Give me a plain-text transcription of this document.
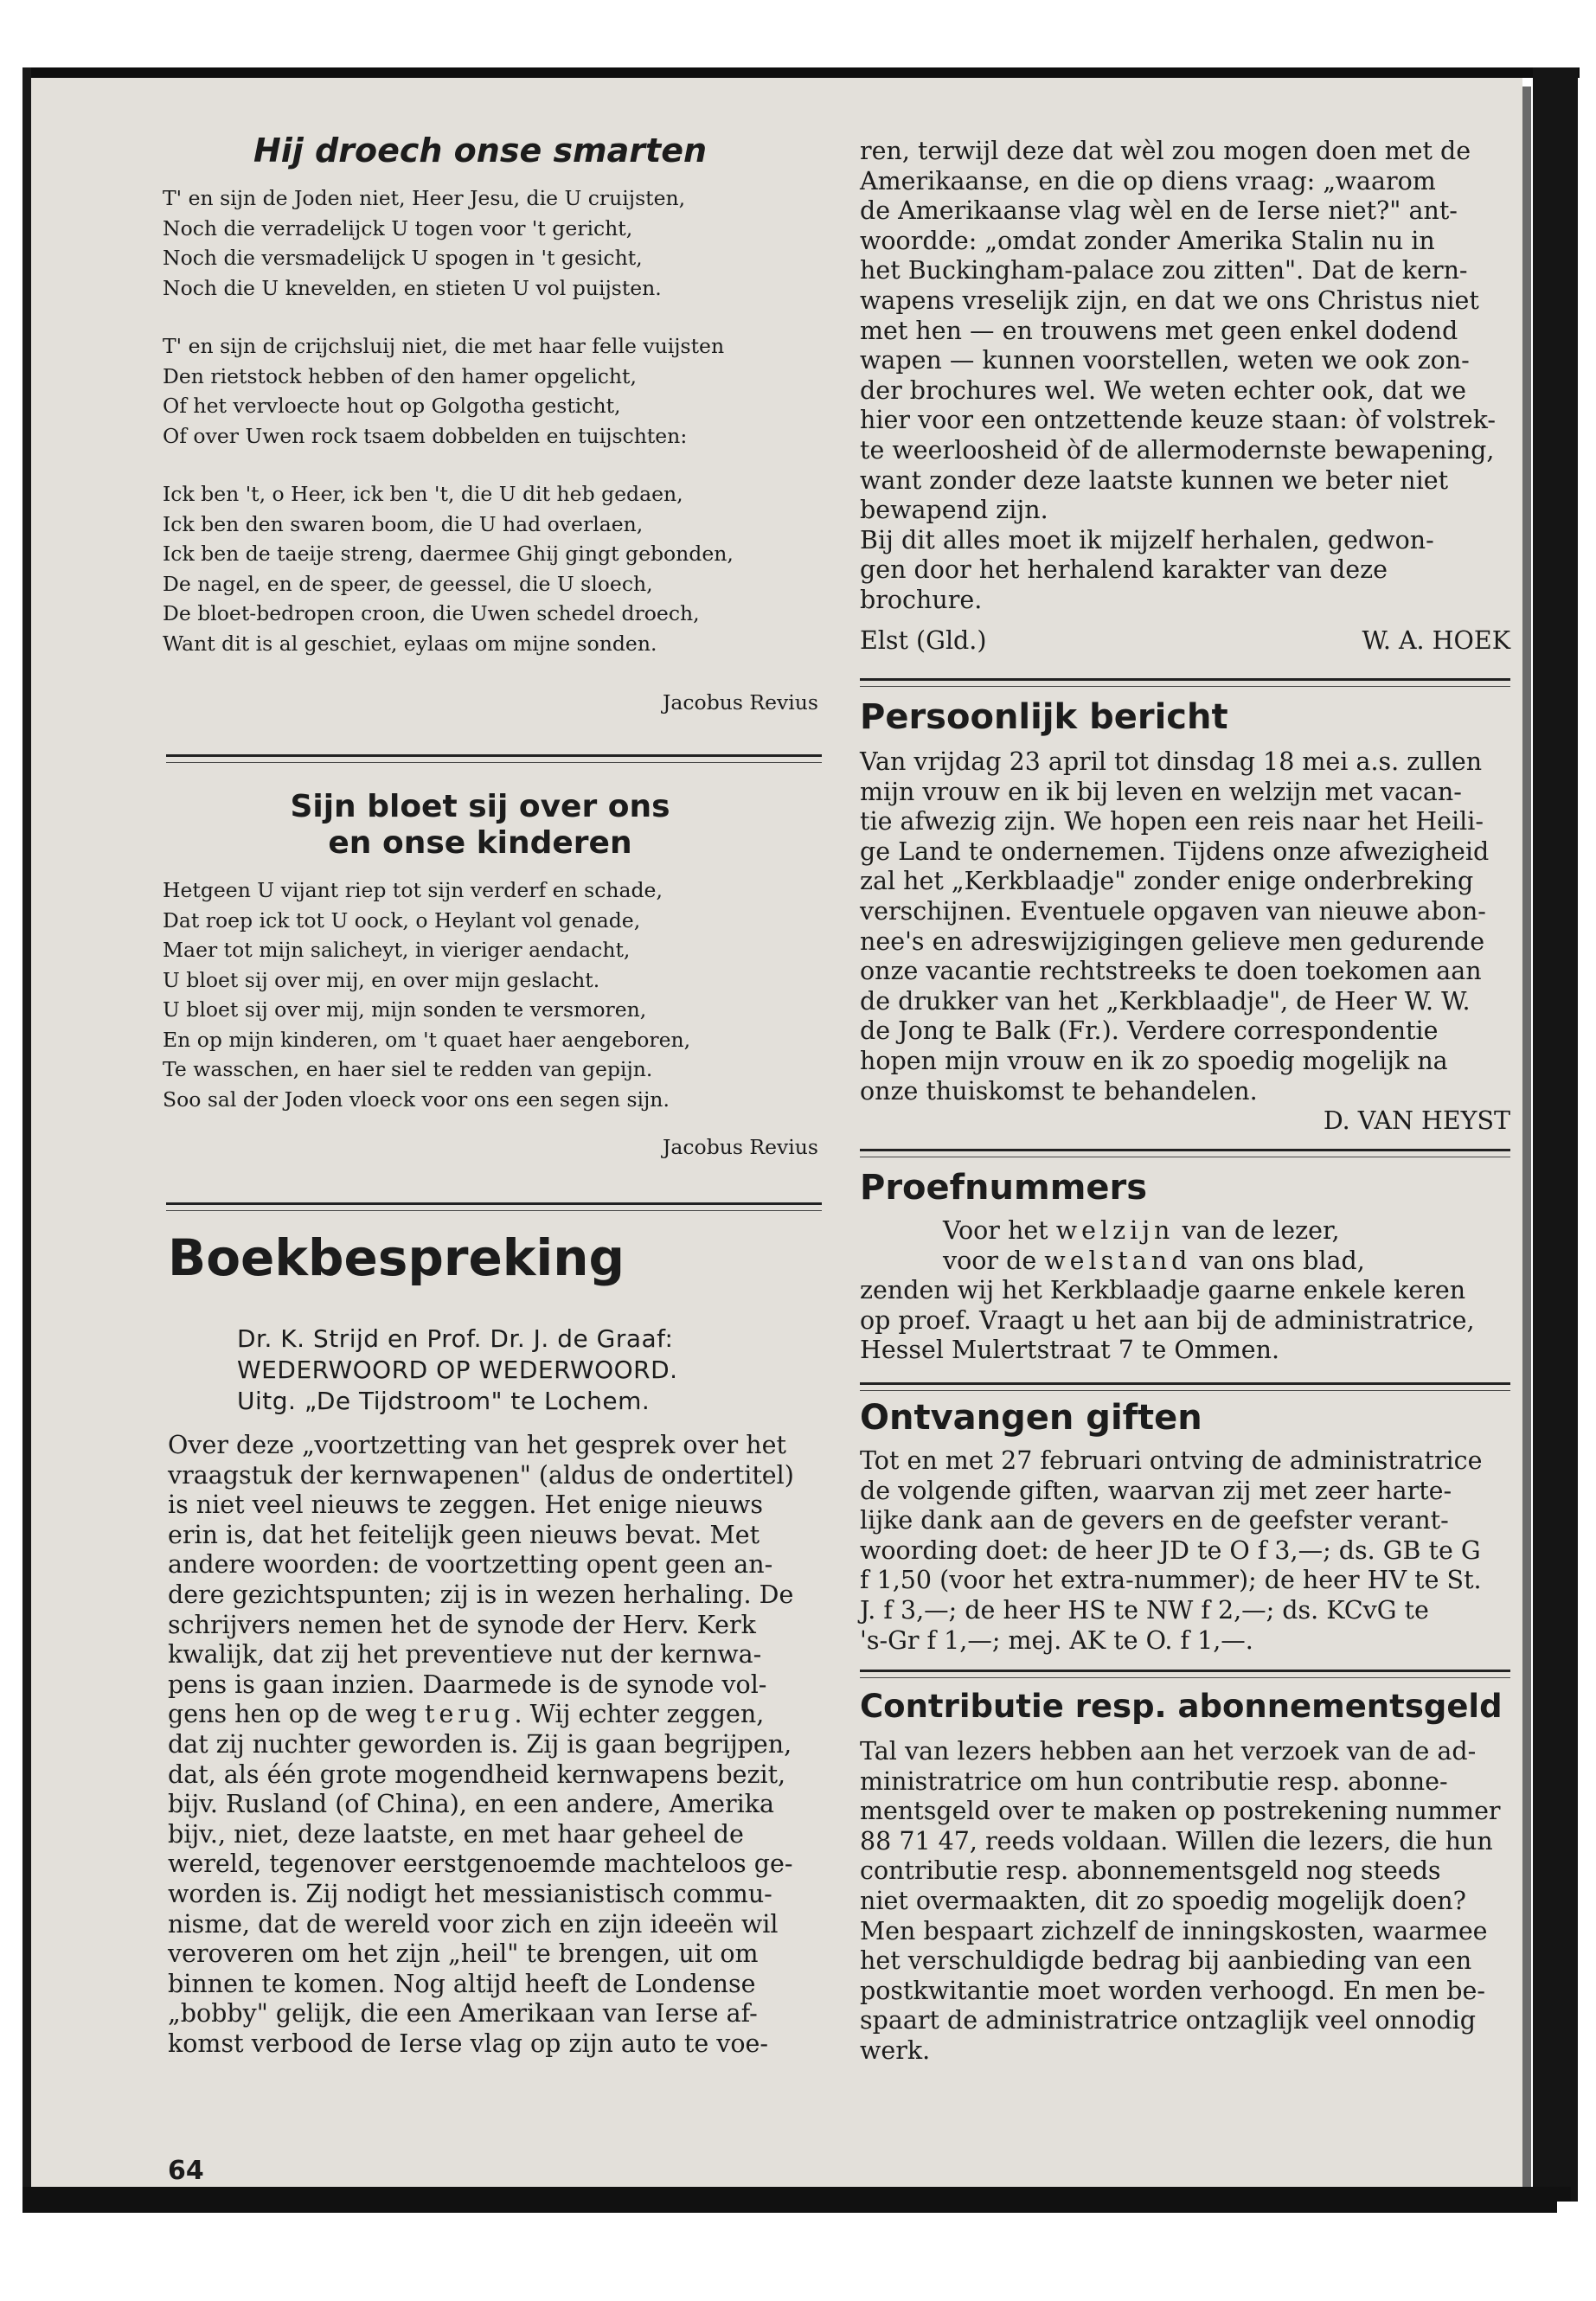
Hij droech onse smarten

T' en sijn de Joden niet, Heer Jesu, die U cruijsten,

Noch die verradelijck U togen voor 't gericht,

Noch die versmadelijck U spogen in 't gesicht,

Noch die U knevelden, en stieten U vol puijsten.

T' en sijn de crijchsluij niet, die met haar felle vuijsten

Den rietstock hebben of den hamer opgelicht,

Of het vervloecte hout op Golgotha gesticht,

Of over Uwen rock tsaem dobbelden en tuijschten:

Ick ben 't, o Heer, ick ben 't, die U dit heb gedaen,

Ick ben den swaren boom, die U had overlaen,

Ick ben de taeije streng, daermee Ghij gingt gebonden,

De nagel, en de speer, de geessel, die U sloech,

De bloet-bedropen croon, die Uwen schedel droech,

Want dit is al geschiet, eylaas om mijne sonden.

Jacobus Revius
Sijn bloet sij over ons
en onse kinderen

Hetgeen U vijant riep tot sijn verderf en schade,

Dat roep ick tot U oock, o Heylant vol genade,

Maer tot mijn salicheyt, in vieriger aendacht,

U bloet sij over mij, en over mijn geslacht.

U bloet sij over mij, mijn sonden te versmoren,

En op mijn kinderen, om 't quaet haer aengeboren,

Te wasschen, en haer siel te redden van gepijn.

Soo sal der Joden vloeck voor ons een segen sijn.

Jacobus Revius
Boekbespreking
Dr. K. Strijd en Prof. Dr. J. de Graaf:
WEDERWOORD OP WEDERWOORD.
Uitg. „De Tijdstroom" te Lochem.
Over deze „voortzetting van het gesprek over het
vraagstuk der kernwapenen" (aldus de ondertitel)
is niet veel nieuws te zeggen. Het enige nieuws
erin is, dat het feitelijk geen nieuws bevat. Met
andere woorden: de voortzetting opent geen an-
dere gezichtspunten; zij is in wezen herhaling. De
schrijvers nemen het de synode der Herv. Kerk
kwalijk, dat zij het preventieve nut der kernwa-
pens is gaan inzien. Daarmede is de synode vol-
gens hen op de weg terug. Wij echter zeggen,
dat zij nuchter geworden is. Zij is gaan begrijpen,
dat, als één grote mogendheid kernwapens bezit,
bijv. Rusland (of China), en een andere, Amerika
bijv., niet, deze laatste, en met haar geheel de
wereld, tegenover eerstgenoemde machteloos ge-
worden is. Zij nodigt het messianistisch commu-
nisme, dat de wereld voor zich en zijn ideeën wil
veroveren om het zijn „heil" te brengen, uit om
binnen te komen. Nog altijd heeft de Londense
„bobby" gelijk, die een Amerikaan van Ierse af-
komst verbood de Ierse vlag op zijn auto te voe-
64
ren, terwijl deze dat wèl zou mogen doen met de
Amerikaanse, en die op diens vraag: „waarom
de Amerikaanse vlag wèl en de Ierse niet?" ant-
woordde: „omdat zonder Amerika Stalin nu in
het Buckingham-palace zou zitten". Dat de kern-
wapens vreselijk zijn, en dat we ons Christus niet
met hen — en trouwens met geen enkel dodend
wapen — kunnen voorstellen, weten we ook zon-
der brochures wel. We weten echter ook, dat we
hier voor een ontzettende keuze staan: òf volstrek-
te weerloosheid òf de allermodernste bewapening,
want zonder deze laatste kunnen we beter niet
bewapend zijn.
Bij dit alles moet ik mijzelf herhalen, gedwon-
gen door het herhalend karakter van deze
brochure.
Elst (Gld.)	W. A. HOEK
Persoonlijk bericht
Van vrijdag 23 april tot dinsdag 18 mei a.s. zullen
mijn vrouw en ik bij leven en welzijn met vacan-
tie afwezig zijn. We hopen een reis naar het Heili-
ge Land te ondernemen. Tijdens onze afwezigheid
zal het „Kerkblaadje" zonder enige onderbreking
verschijnen. Eventuele opgaven van nieuwe abon-
nee's en adreswijzigingen gelieve men gedurende
onze vacantie rechtstreeks te doen toekomen aan
de drukker van het „Kerkblaadje", de Heer W. W.
de Jong te Balk (Fr.). Verdere correspondentie
hopen mijn vrouw en ik zo spoedig mogelijk na
onze thuiskomst te behandelen.
D. VAN HEYST
Proefnummers
Voor het welzijn van de lezer,
voor de welstand van ons blad,
zenden wij het Kerkblaadje gaarne enkele keren
op proef. Vraagt u het aan bij de administratrice,
Hessel Mulertstraat 7 te Ommen.
Ontvangen giften
Tot en met 27 februari ontving de administratrice
de volgende giften, waarvan zij met zeer harte-
lijke dank aan de gevers en de geefster verant-
woording doet: de heer JD te O f 3,—; ds. GB te G
f 1,50 (voor het extra-nummer); de heer HV te St.
J. f 3,—; de heer HS te NW f 2,—; ds. KCvG te
's-Gr f 1,—; mej. AK te O. f 1,—.
Contributie resp. abonnementsgeld
Tal van lezers hebben aan het verzoek van de ad-
ministratrice om hun contributie resp. abonne-
mentsgeld over te maken op postrekening nummer
88 71 47, reeds voldaan. Willen die lezers, die hun
contributie resp. abonnementsgeld nog steeds
niet overmaakten, dit zo spoedig mogelijk doen?
Men bespaart zichzelf de inningskosten, waarmee
het verschuldigde bedrag bij aanbieding van een
postkwitantie moet worden verhoogd. En men be-
spaart de administratrice ontzaglijk veel onnodig
werk.
